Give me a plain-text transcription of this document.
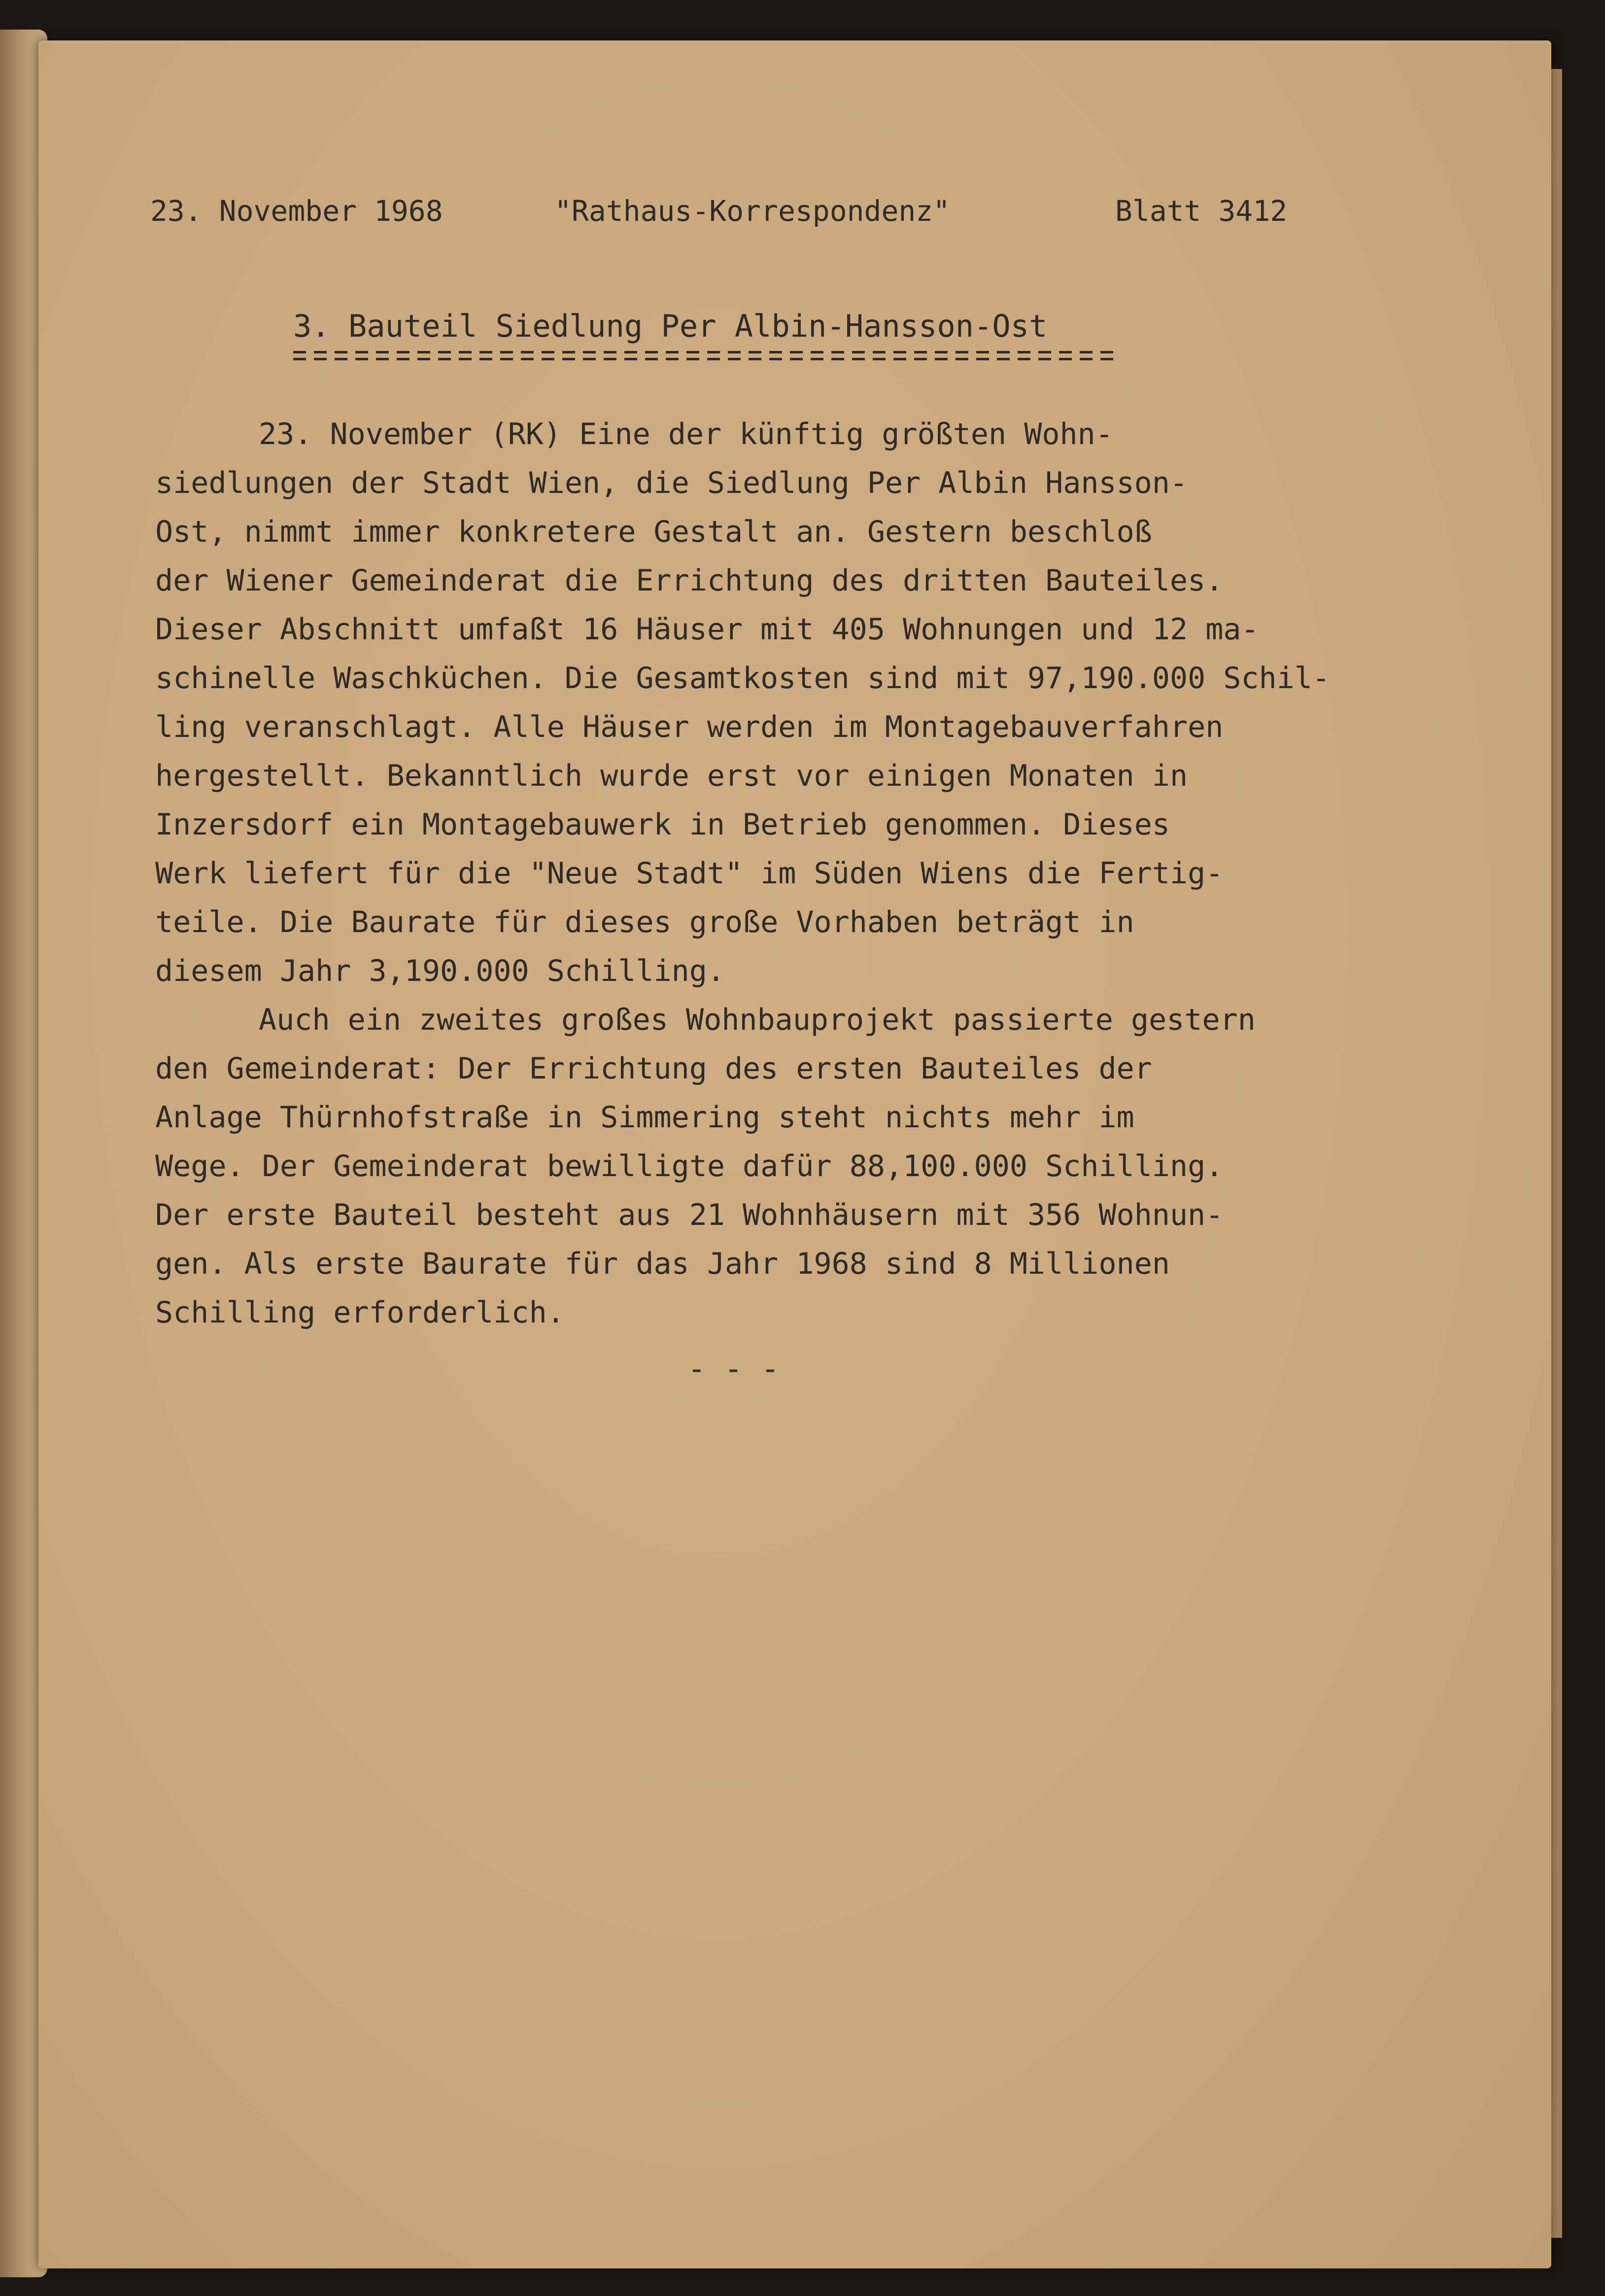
23. November 1968	"Rathaus-Korrespondenz"	Blatt 3412
3. Bauteil Siedlung Per Albin-Hansson-Ost
23. November (RK) Eine der künftig größten Wohn-
siedlungen der Stadt Wien, die Siedlung Per Albin Hansson-
Ost, nimmt immer konkretere Gestalt an. Gestern beschloß
der Wiener Gemeinderat die Errichtung des dritten Bauteiles.
Dieser Abschnitt umfaßt 16 Häuser mit 405 Wohnungen und 12 ma-
schinelle Waschküchen. Die Gesamtkosten sind mit 97,190.000 Schil-
ling veranschlagt. Alle Häuser werden im Montagebauverfahren
hergestellt. Bekanntlich wurde erst vor einigen Monaten in
Inzersdorf ein Montagebauwerk in Betrieb genommen. Dieses
Werk liefert für die "Neue Stadt" im Süden Wiens die Fertig-
teile. Die Baurate für dieses große Vorhaben beträgt in
diesem Jahr 3,190.000 Schilling.
Auch ein zweites großes Wohnbauprojekt passierte gestern
den Gemeinderat: Der Errichtung des ersten Bauteiles der
Anlage Thürnhofstraße in Simmering steht nichts mehr im
Wege. Der Gemeinderat bewilligte dafür 88,100.000 Schilling.
Der erste Bauteil besteht aus 21 Wohnhäusern mit 356 Wohnun-
gen. Als erste Baurate für das Jahr 1968 sind 8 Millionen
Schilling erforderlich.
- - -
